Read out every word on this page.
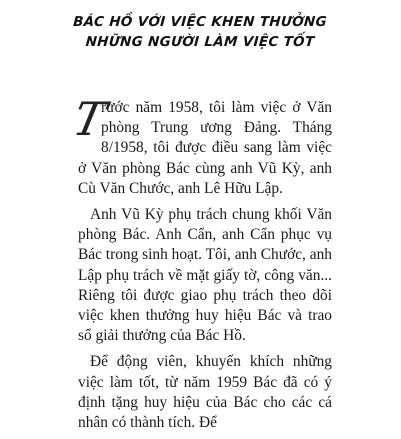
BÁC HỒ VỚI VIỆC KHEN THƯỞNG
NHỮNG NGƯỜI LÀM VIỆC TỐT

T
rước năm 1958, tôi làm việc ở Văn phòng Trung ương Đảng. Tháng 8/1958, tôi được điều sang làm việc ở Văn phòng Bác cùng anh Vũ Kỳ, anh Cù Văn Chước, anh Lê Hữu Lập.

Anh Vũ Kỳ phụ trách chung khối Văn phòng Bác. Anh Cẩn, anh Cẩn phục vụ Bác trong sinh hoạt. Tôi, anh Chước, anh Lập phụ trách về mặt giấy tờ, công văn... Riêng tôi được giao phụ trách theo dõi việc khen thưởng huy hiệu Bác và trao sổ giải thưởng của Bác Hồ.

Để động viên, khuyến khích những việc làm tốt, từ năm 1959 Bác đã có ý định tặng huy hiệu của Bác cho các cá nhân có thành tích. Để
